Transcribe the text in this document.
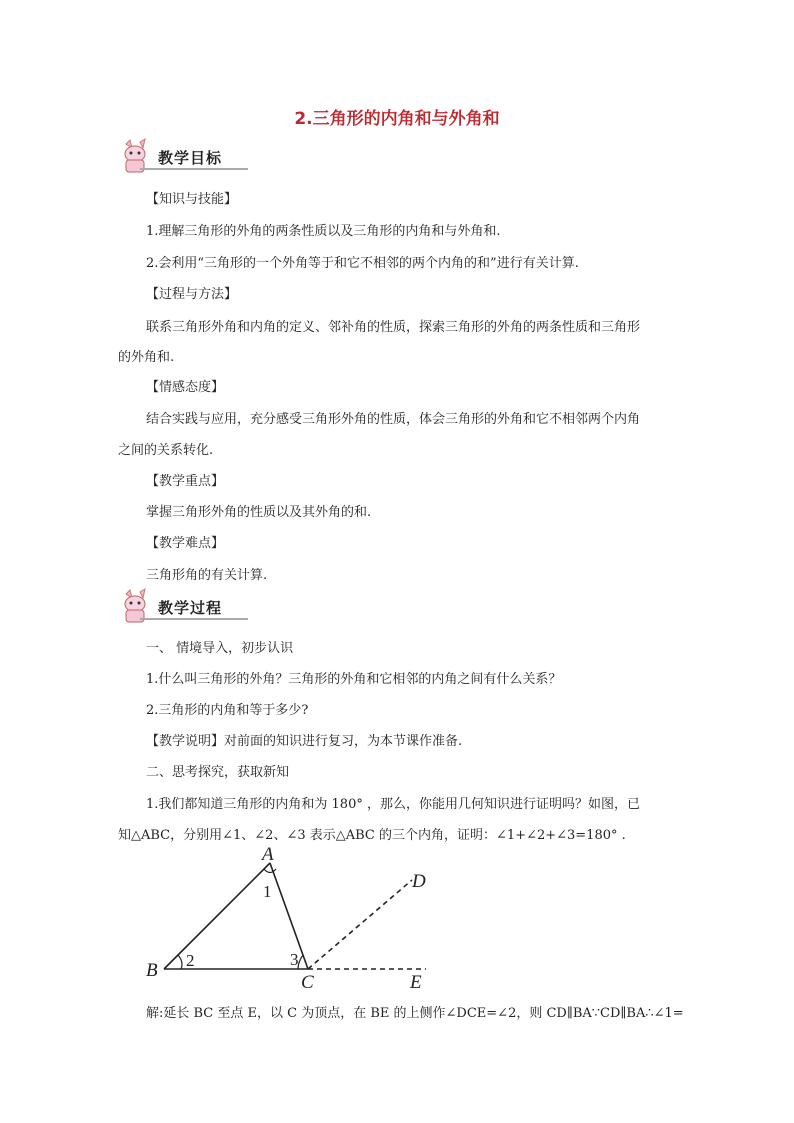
2.三角形的内角和与外角和
教学目标
【知识与技能】
1.理解三角形的外角的两条性质以及三角形的内角和与外角和.
2.会利用“三角形的一个外角等于和它不相邻的两个内角的和”进行有关计算.
【过程与方法】
联系三角形外角和内角的定义、邻补角的性质，探索三角形的外角的两条性质和三角形
的外角和.
【情感态度】
结合实践与应用，充分感受三角形外角的性质，体会三角形的外角和它不相邻两个内角
之间的关系转化.
【教学重点】
掌握三角形外角的性质以及其外角的和.
【教学难点】
三角形角的有关计算.
教学过程
一、 情境导入，初步认识
1.什么叫三角形的外角？三角形的外角和它相邻的内角之间有什么关系？
2.三角形的内角和等于多少?
【教学说明】对前面的知识进行复习，为本节课作准备.
二、思考探究，获取新知
1.我们都知道三角形的内角和为 180° ，那么，你能用几何知识进行证明吗？如图，已
知△ABC，分别用∠1、∠2、∠3 表示△ABC 的三个内角，证明：∠1+∠2+∠3=180° .
A
B
C
D
E
1
2	3
解:延长 BC 至点 E，以 C 为顶点，在 BE 的上侧作∠DCE=∠2，则 CD∥BA∵CD∥BA∴∠1=
